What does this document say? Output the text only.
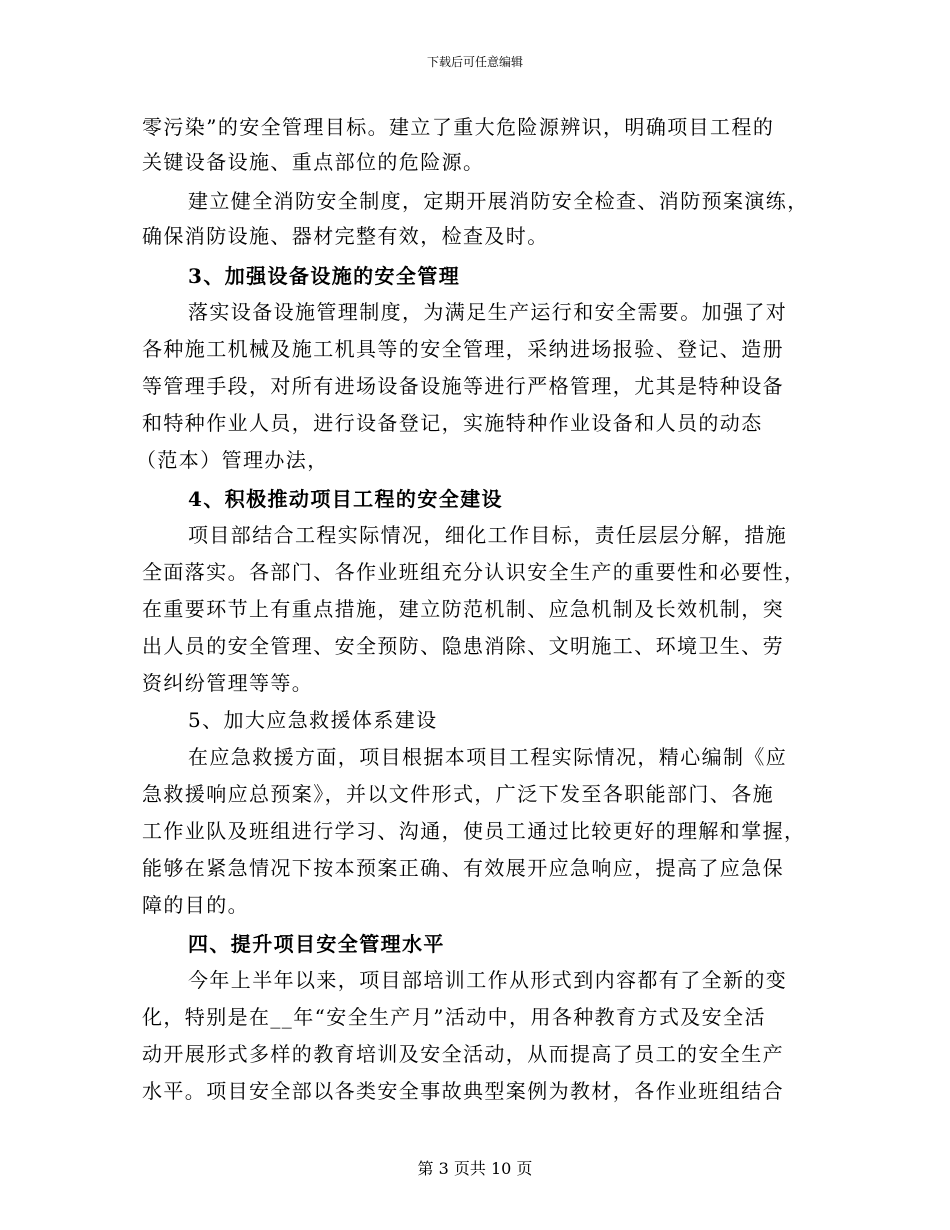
下载后可任意编辑
零污染”的安全管理目标。建立了重大危险源辨识，明确项目工程的
关键设备设施、重点部位的危险源。
建立健全消防安全制度，定期开展消防安全检查、消防预案演练，
确保消防设施、器材完整有效，检查及时。
3、加强设备设施的安全管理
落实设备设施管理制度，为满足生产运行和安全需要。加强了对
各种施工机械及施工机具等的安全管理，采纳进场报验、登记、造册
等管理手段，对所有进场设备设施等进行严格管理，尤其是特种设备
和特种作业人员，进行设备登记，实施特种作业设备和人员的动态
（范本）管理办法，
4、积极推动项目工程的安全建设
项目部结合工程实际情况，细化工作目标，责任层层分解，措施
全面落实。各部门、各作业班组充分认识安全生产的重要性和必要性，
在重要环节上有重点措施，建立防范机制、应急机制及长效机制，突
出人员的安全管理、安全预防、隐患消除、文明施工、环境卫生、劳
资纠纷管理等等。
5、加大应急救援体系建设
在应急救援方面，项目根据本项目工程实际情况，精心编制《应
急救援响应总预案》，并以文件形式，广泛下发至各职能部门、各施
工作业队及班组进行学习、沟通，使员工通过比较更好的理解和掌握，
能够在紧急情况下按本预案正确、有效展开应急响应，提高了应急保
障的目的。
四、提升项目安全管理水平
今年上半年以来，项目部培训工作从形式到内容都有了全新的变
化，特别是在__年“安全生产月”活动中，用各种教育方式及安全活
动开展形式多样的教育培训及安全活动，从而提高了员工的安全生产
水平。项目安全部以各类安全事故典型案例为教材，各作业班组结合
第 3 页共 10 页
